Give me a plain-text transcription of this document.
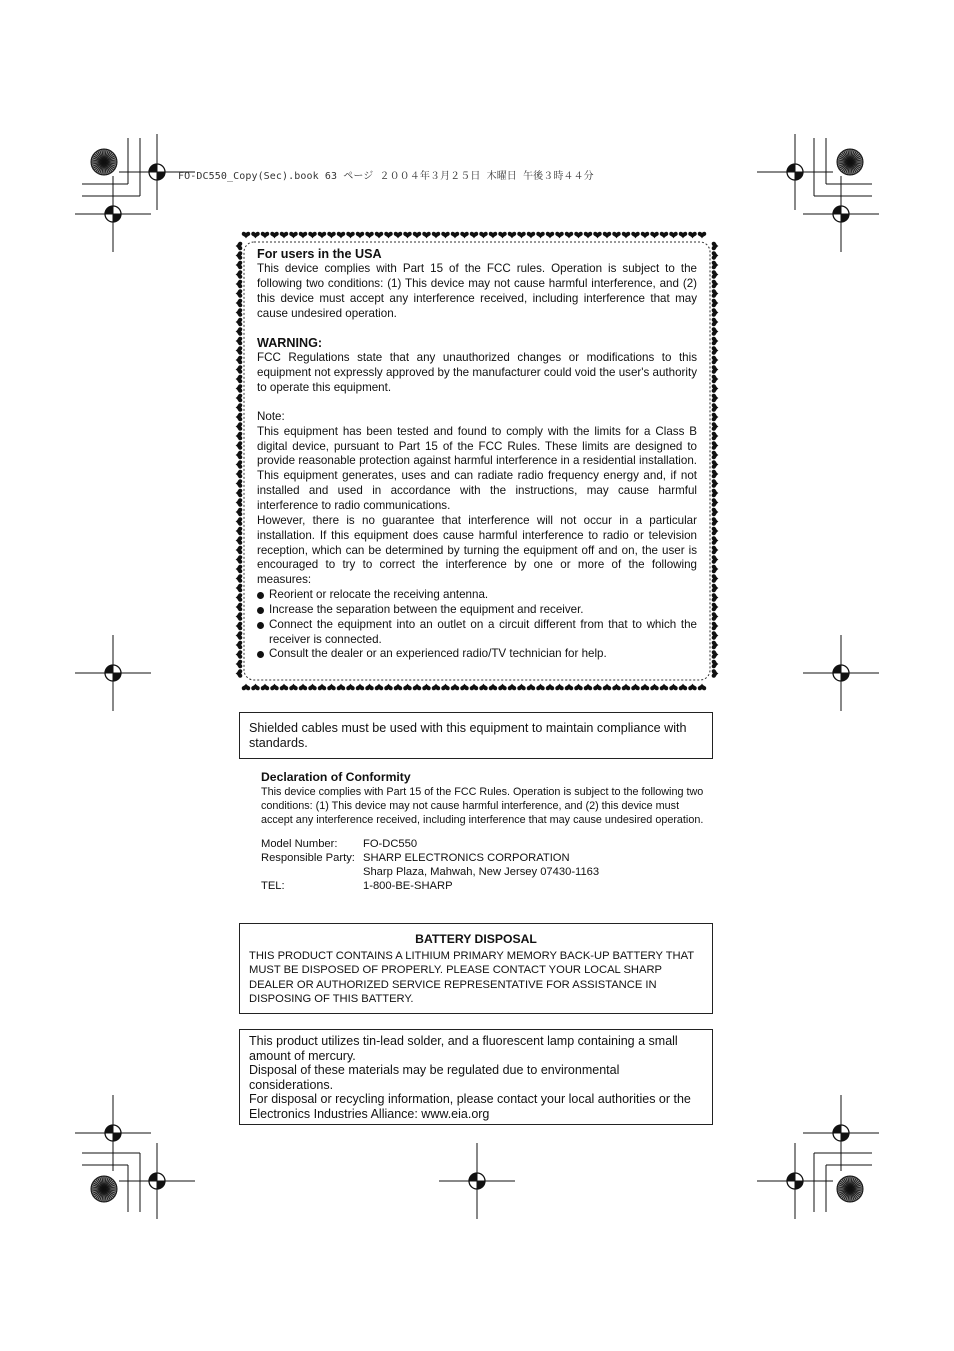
FO-DC550_Copy(Sec).book 63 ページ ２００４年３月２５日 木曜日 午後３時４４分
For users in the USA

This device complies with Part 15 of the FCC rules. Operation is subject to the following two conditions: (1) This device may not cause harmful interference, and (2) this device must accept any interference received, including interference that may cause undesired operation.

WARNING:

FCC Regulations state that any unauthorized changes or modifications to this equipment not expressly approved by the manufacturer could void the user's authority to operate this equipment.

Note:

This equipment has been tested and found to comply with the limits for a Class B digital device, pursuant to Part 15 of the FCC Rules. These limits are designed to provide reasonable protection against harmful interference in a residential installation. This equipment generates, uses and can radiate radio frequency energy and, if not installed and used in accordance with the instructions, may cause harmful interference to radio communications.

However, there is no guarantee that interference will not occur in a particular installation. If this equipment does cause harmful interference to radio or television reception, which can be determined by turning the equipment off and on, the user is encouraged to try to correct the interference by one or more of the following measures:

Reorient or relocate the receiving antenna.
Increase the separation between the equipment and receiver.
Connect the equipment into an outlet on a circuit different from that to which the receiver is connected.
Consult the dealer or an experienced radio/TV technician for help.
Shielded cables must be used with this equipment to maintain compliance with standards.
Declaration of Conformity

This device complies with Part 15 of the FCC Rules. Operation is subject to the following two conditions: (1) This device may not cause harmful interference, and (2) this device must accept any interference received, including interference that may cause undesired operation.

Model Number:	FO-DC550
Responsible Party:	SHARP ELECTRONICS CORPORATION
	Sharp Plaza, Mahwah, New Jersey 07430-1163
TEL:	1-800-BE-SHARP
BATTERY DISPOSAL
THIS PRODUCT CONTAINS A LITHIUM PRIMARY MEMORY BACK-UP BATTERY THAT MUST BE DISPOSED OF PROPERLY. PLEASE CONTACT YOUR LOCAL SHARP DEALER OR AUTHORIZED SERVICE REPRESENTATIVE FOR ASSISTANCE IN DISPOSING OF THIS BATTERY.

This product utilizes tin-lead solder, and a fluorescent lamp containing a small amount of mercury.

Disposal of these materials may be regulated due to environmental considerations.

For disposal or recycling information, please contact your local authorities or the Electronics Industries Alliance: www.eia.org
